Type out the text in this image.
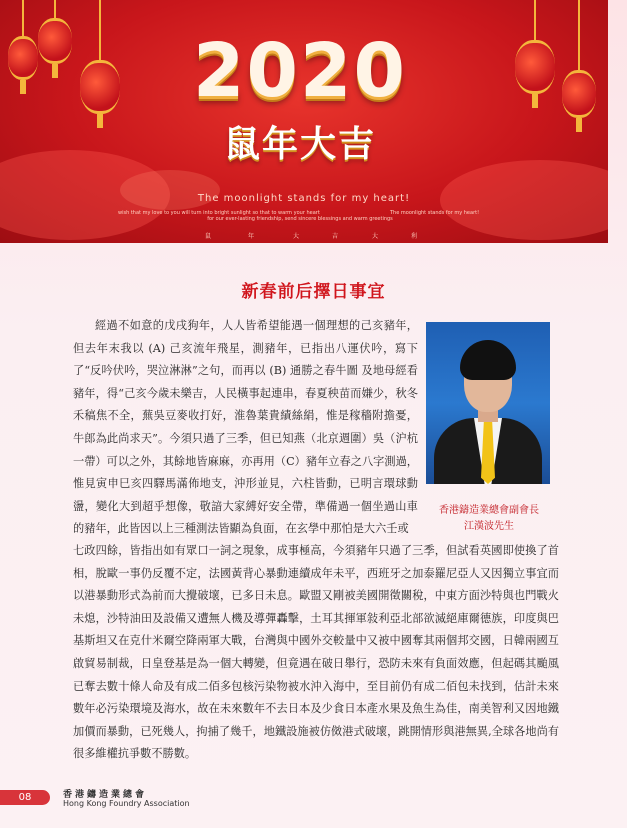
2020
鼠年大吉
The moonlight stands for my heart!
wish that my love to you will turn into bright sunlight so that to warm your heart	The moonlight stands for my heart!
for our ever-lasting friendship, send sincere blessings and warm greetings
鼠	年	大	吉	大	利
新春前后擇日事宜
經過不如意的戊戌狗年，人人皆希望能遇一個理想的己亥豬年，但去年末我以 (A) 己亥流年飛星，測豬年，已指出八運伏吟，寫下了“反吟伏吟，哭泣淋淋”之句，而再以 (B) 通勝之春牛圖 及地母經看豬年，得“己亥今歲未樂吉，人民橫事起連串，春夏秧苗而嫌少，秋冬禾稿焦不全，蕪吳豆麥收打好，淮魯葉貴績絲絹，惟是稼穡附擔憂，牛郎為此尚求天”。今須只過了三季，但已知燕（北京週圍）吳（沪杭一帶）可以之外，其餘地皆麻麻，亦再用（C）豬年立春之八字測過，惟見寅申巳亥四驛馬滿佈地支，沖形並見，六柱皆動，已明言環球動盪，變化大到超乎想像，敬諳大家縛好安全帶，準備過一個坐過山車的豬年，此皆因以上三種測法皆顯為負面，在玄學中那怕是大六壬或
香港鑄造業總會副會長
江漢波先生
七政四餘，皆指出如有眾口一詞之現象，成事極高，今須豬年只過了三季，但試看英國即使換了首相，脫歐一事仍反覆不定，法國黃背心暴動連續成年未平，西班牙之加泰羅尼亞人又因獨立事宜而以港暴動形式為前而大攪破壞，已多日未息。歐盟又剛被美國開徵關稅，中東方面沙特與也門戰火未熄，沙特油田及設備又遭無人機及導彈轟擊，土耳其揮軍敍利亞北部欲滅絕庫爾德族，印度與巴基斯坦又在克什米爾空降兩軍大戰，台灣與中國外交較量中又被中國奪其兩個邦交國，日韓兩國互啟貿易制裁，日皇登基是為一個大轉變，但竟遇在破日舉行，恐防未來有負面效應，但起碼其颱風已奪去數十條人命及有成二佰多包核污染物被水沖入海中，至目前仍有成二佰包未找到，估計未來數年必污染環境及海水，故在未來數年不去日本及少食日本產水果及魚生為佳，南美智利又因地鐵加價而暴動，已死幾人，拘捕了幾千，地鐵設施被仿傚港式破壞，跳開情形與港無異,全球各地尚有很多維權抗爭數不勝數。
08	香港鑄造業總會
Hong Kong Foundry Association
